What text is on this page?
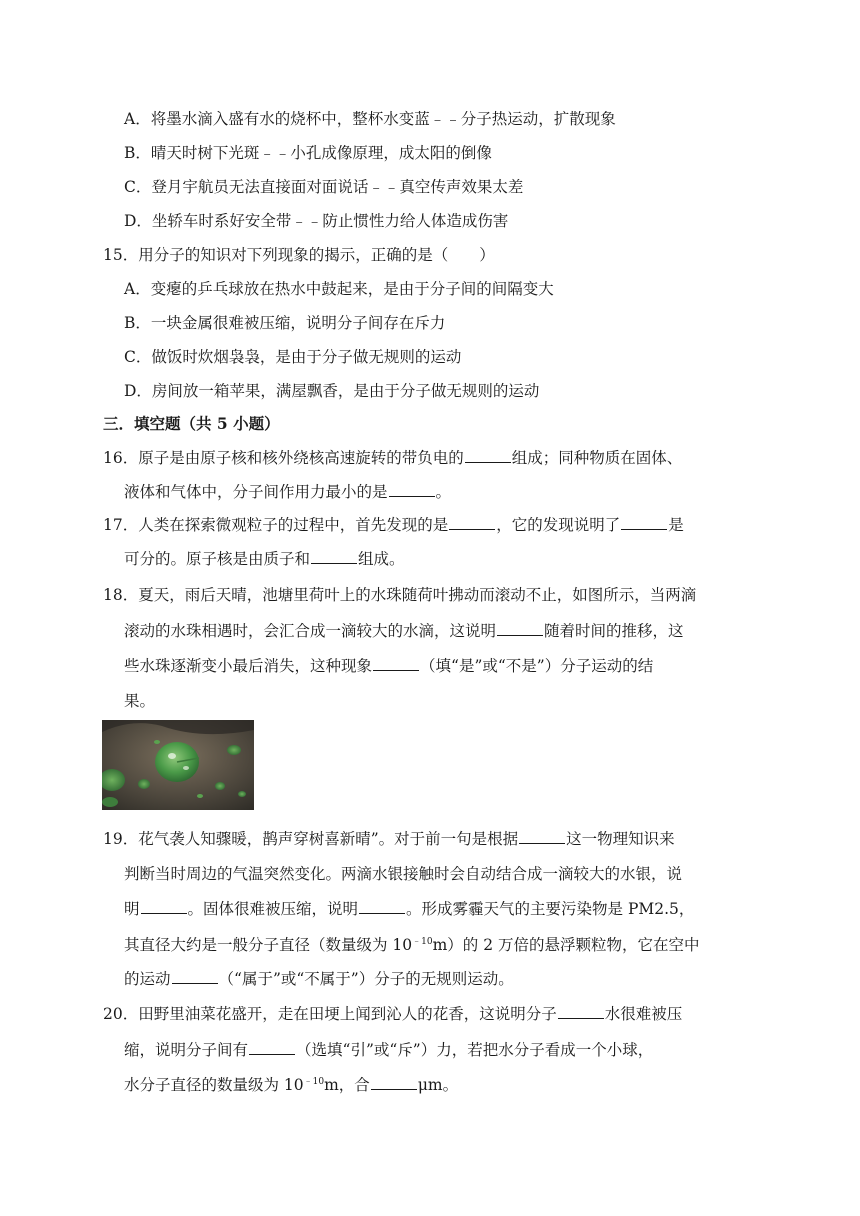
A．将墨水滴入盛有水的烧杯中，整杯水变蓝﹣﹣分子热运动，扩散现象
B．晴天时树下光斑﹣﹣小孔成像原理，成太阳的倒像
C．登月宇航员无法直接面对面说话﹣﹣真空传声效果太差
D．坐轿车时系好安全带﹣﹣防止惯性力给人体造成伤害
15．用分子的知识对下列现象的揭示，正确的是（　　）
A．变瘪的乒乓球放在热水中鼓起来，是由于分子间的间隔变大
B．一块金属很难被压缩，说明分子间存在斥力
C．做饭时炊烟袅袅，是由于分子做无规则的运动
D．房间放一箱苹果，满屋飘香，是由于分子做无规则的运动
三．填空题（共 5 小题）
16．原子是由原子核和核外绕核高速旋转的带负电的	组成；同种物质在固体、
液体和气体中，分子间作用力最小的是	。
17．人类在探索微观粒子的过程中，首先发现的是	，它的发现说明了	是
可分的。原子核是由质子和	组成。
18．夏天，雨后天晴，池塘里荷叶上的水珠随荷叶拂动而滚动不止，如图所示，当两滴
滚动的水珠相遇时，会汇合成一滴较大的水滴，这说明	随着时间的推移，这
些水珠逐渐变小最后消失，这种现象	（填“是”或“不是”）分子运动的结
果。
19．花气袭人知骤暖，鹊声穿树喜新晴”。对于前一句是根据	这一物理知识来
判断当时周边的气温突然变化。两滴水银接触时会自动结合成一滴较大的水银，说
明	。固体很难被压缩，说明	。形成雾霾天气的主要污染物是 PM2.5，
其直径大约是一般分子直径（数量级为 $10^{﹣10}m$）的 2 万倍的悬浮颗粒物，它在空中
的运动	（“属于”或“不属于”）分子的无规则运动。
20．田野里油菜花盛开，走在田埂上闻到沁人的花香，这说明分子	水很难被压
缩，说明分子间有	（选填“引”或“斥”）力，若把水分子看成一个小球，
水分子直径的数量级为 $10^{﹣10}m$，合	μm。
